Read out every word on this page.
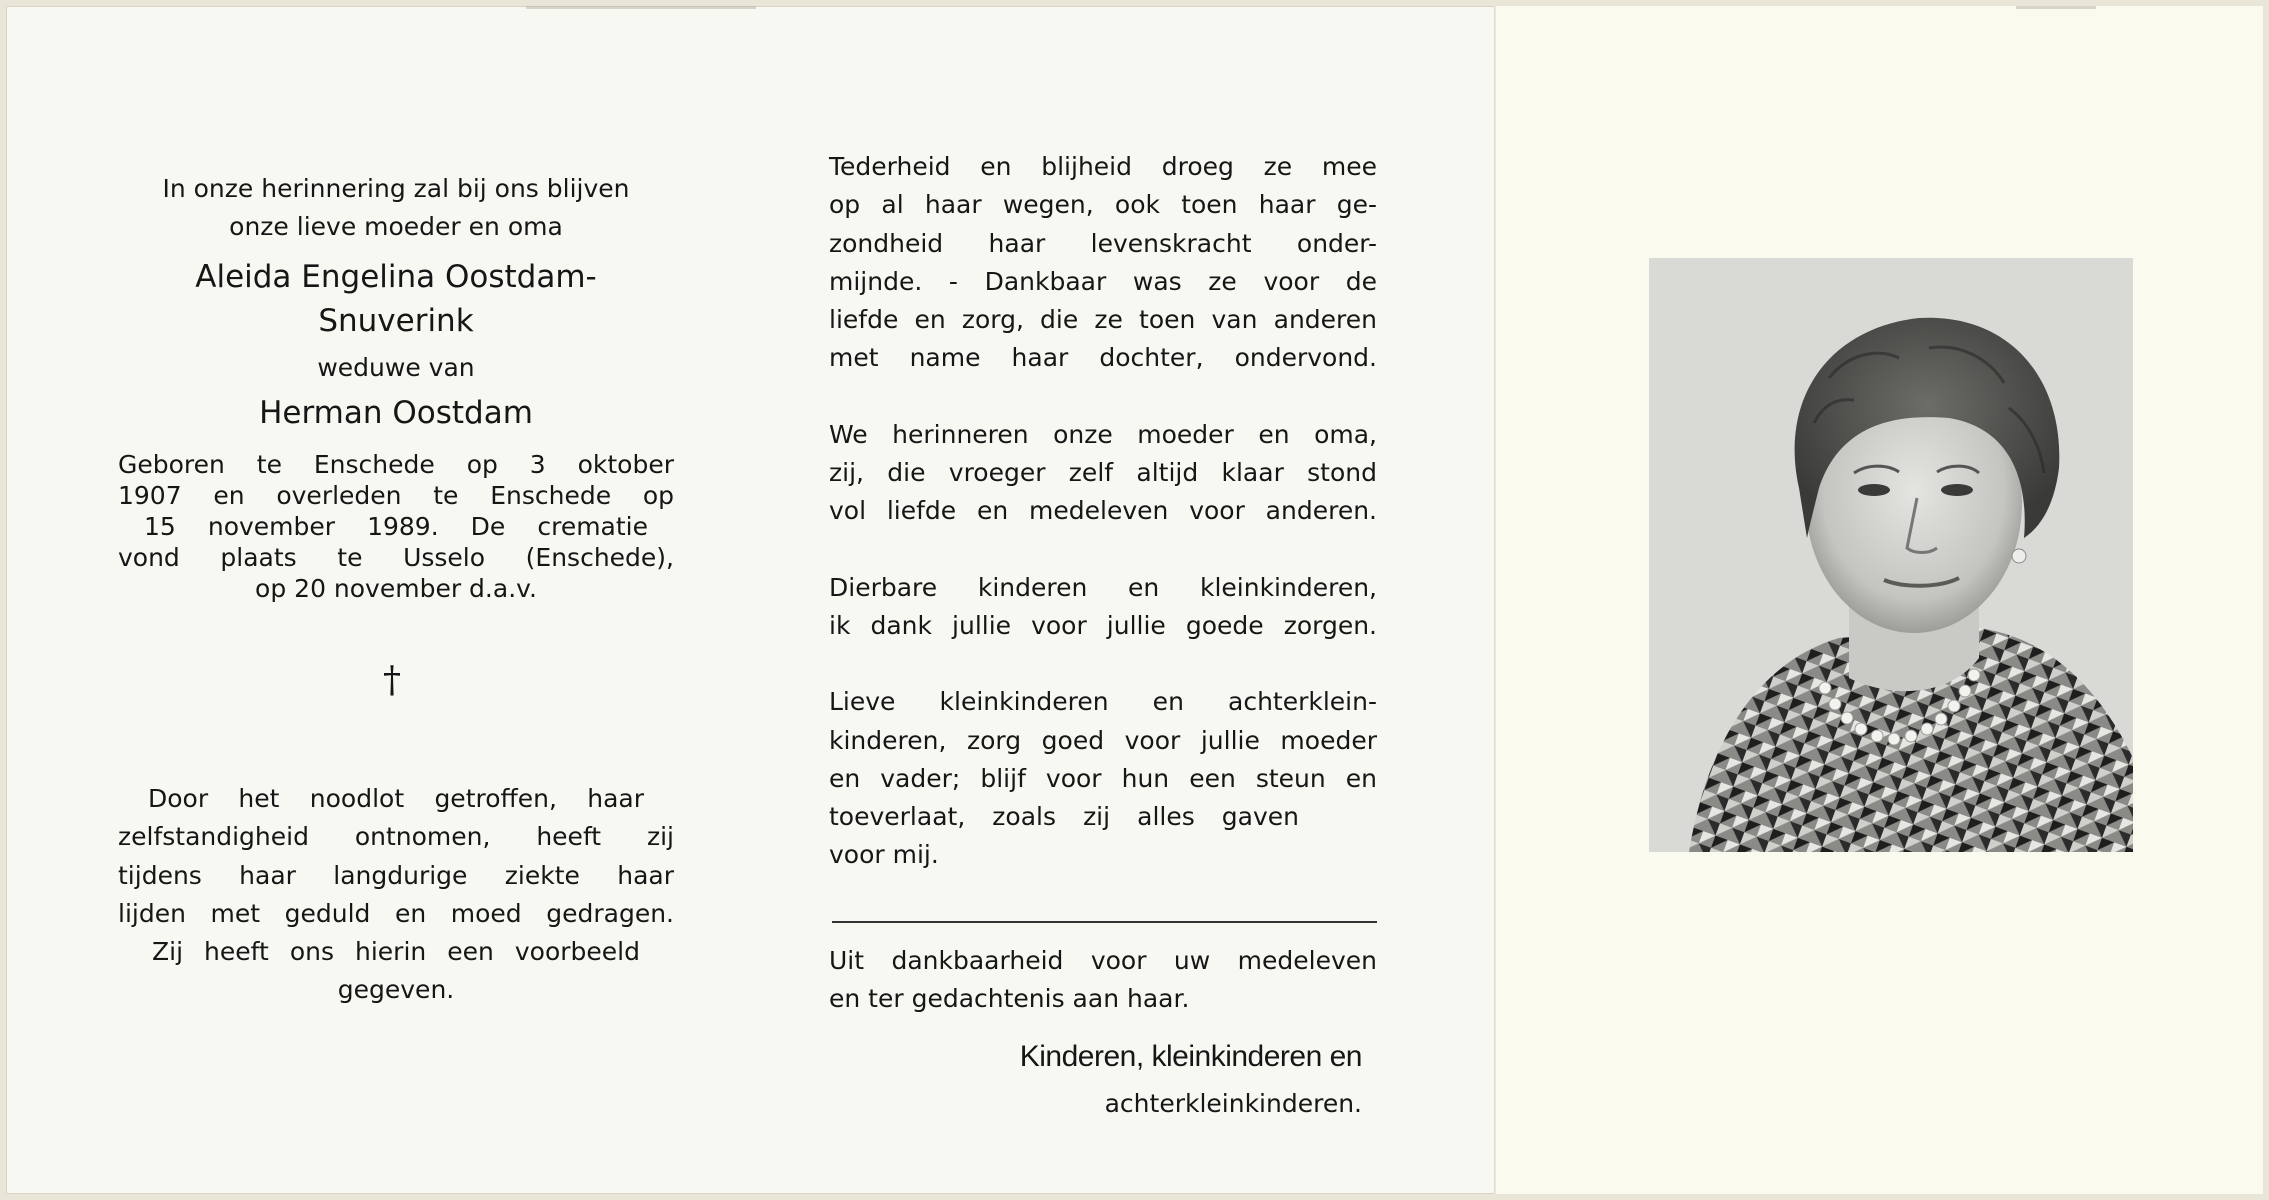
In onze herinnering zal bij ons blijven
onze lieve moeder en oma
Aleida Engelina Oostdam-
Snuverink
weduwe van
Herman Oostdam
Geboren te Enschede op 3 oktober
1907 en overleden te Enschede op
15 november 1989. De crematie
vond plaats te Usselo (Enschede),
op 20 november d.a.v.
†
Door het noodlot getroffen, haar
zelfstandigheid ontnomen, heeft zij
tijdens haar langdurige ziekte haar
lijden met geduld en moed gedragen.
Zij heeft ons hierin een voorbeeld
gegeven.
Tederheid en blijheid droeg ze mee
op al haar wegen, ook toen haar ge-
zondheid haar levenskracht onder-
mijnde. - Dankbaar was ze voor de
liefde en zorg, die ze toen van anderen
met name haar dochter, ondervond.
We herinneren onze moeder en oma,
zij, die vroeger zelf altijd klaar stond
vol liefde en medeleven voor anderen.
Dierbare kinderen en kleinkinderen,
ik dank jullie voor jullie goede zorgen.
Lieve kleinkinderen en achterklein-
kinderen, zorg goed voor jullie moeder
en vader; blijf voor hun een steun en
toeverlaat, zoals zij alles gaven
voor mij.
Uit dankbaarheid voor uw medeleven
en ter gedachtenis aan haar.
Kinderen, kleinkinderen en
achterkleinkinderen.
